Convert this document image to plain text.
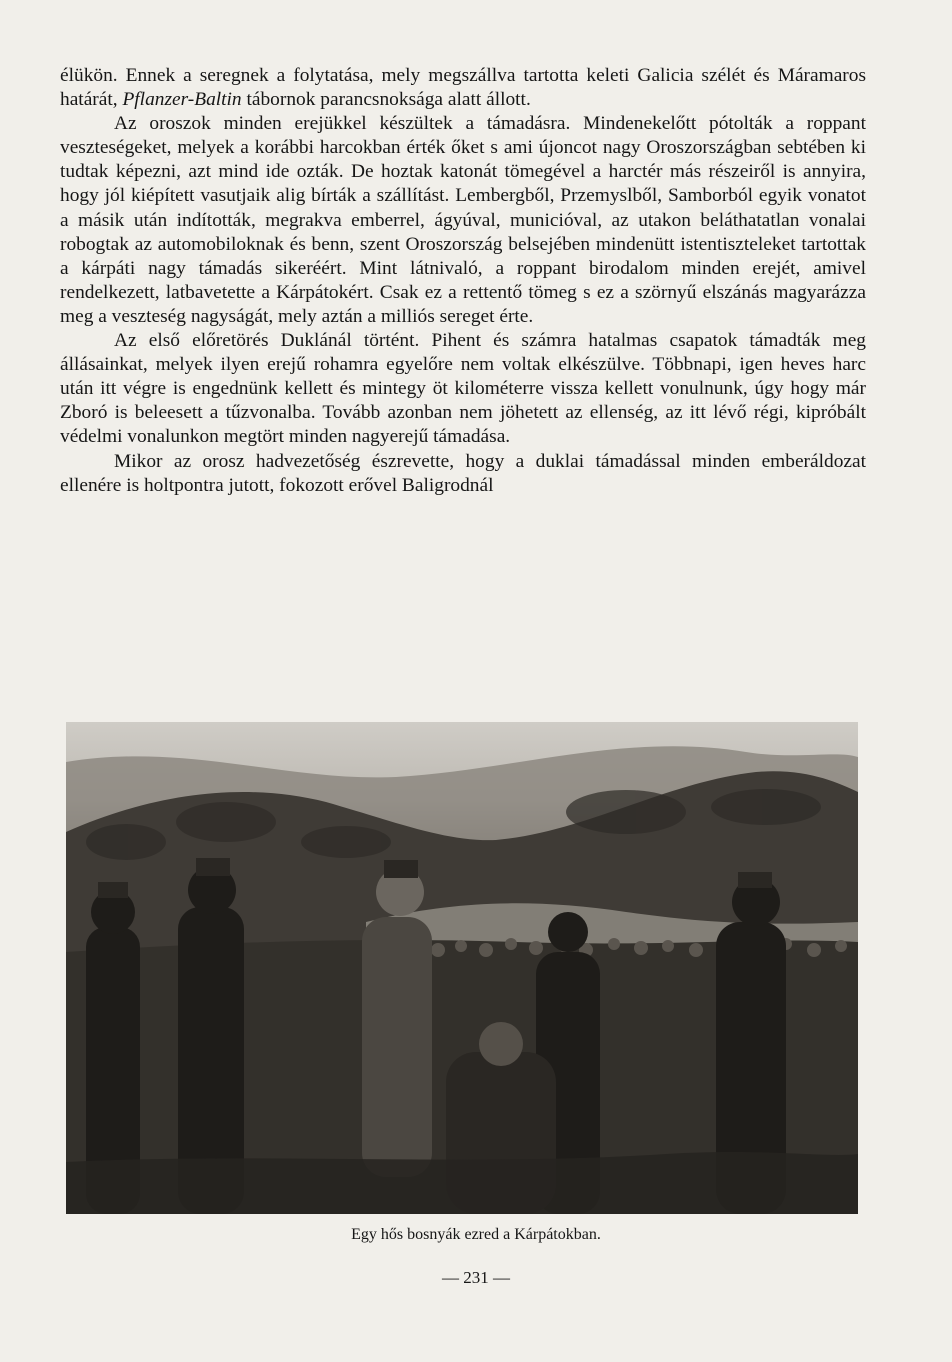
élükön. Ennek a seregnek a folytatása, mely megszállva tartotta keleti Galicia szélét és Máramaros határát, Pflanzer-Baltin tábornok parancsnoksága alatt állott.

Az oroszok minden erejükkel készültek a támadásra. Mindenekelőtt pótolták a roppant veszteségeket, melyek a korábbi harcokban érték őket s ami újoncot nagy Oroszországban sebtében ki tudtak képezni, azt mind ide ozták. De hoztak katonát tömegével a harctér más részeiről is annyira, hogy jól kiépített vasutjaik alig bírták a szállítást. Lembergből, Przemyslből, Samborból egyik vonatot a másik után indították, megrakva emberrel, ágyúval, municióval, az utakon beláthatatlan vonalai robogtak az automobiloknak és benn, szent Oroszország belsejében mindenütt istentiszteleket tartottak a kárpáti nagy támadás sikeréért. Mint látnivaló, a roppant birodalom minden erejét, amivel rendelkezett, latbavetette a Kárpátokért. Csak ez a rettentő tömeg s ez a szörnyű elszánás magyarázza meg a veszteség nagyságát, mely aztán a milliós sereget érte.

Az első előretörés Duklánál történt. Pihent és számra hatalmas csapatok támadták meg állásainkat, melyek ilyen erejű rohamra egyelőre nem voltak elkészülve. Többnapi, igen heves harc után itt végre is engednünk kellett és mintegy öt kilométerre vissza kellett vonulnunk, úgy hogy már Zboró is beleesett a tűzvonalba. Tovább azonban nem jöhetett az ellenség, az itt lévő régi, kipróbált védelmi vonalunkon megtört minden nagyerejű támadása.

Mikor az orosz hadvezetőség észrevette, hogy a duklai támadással minden emberáldozat ellenére is holtpontra jutott, fokozott erővel Baligrodnál

Egy hős bosnyák ezred a Kárpátokban.
— 231 —
